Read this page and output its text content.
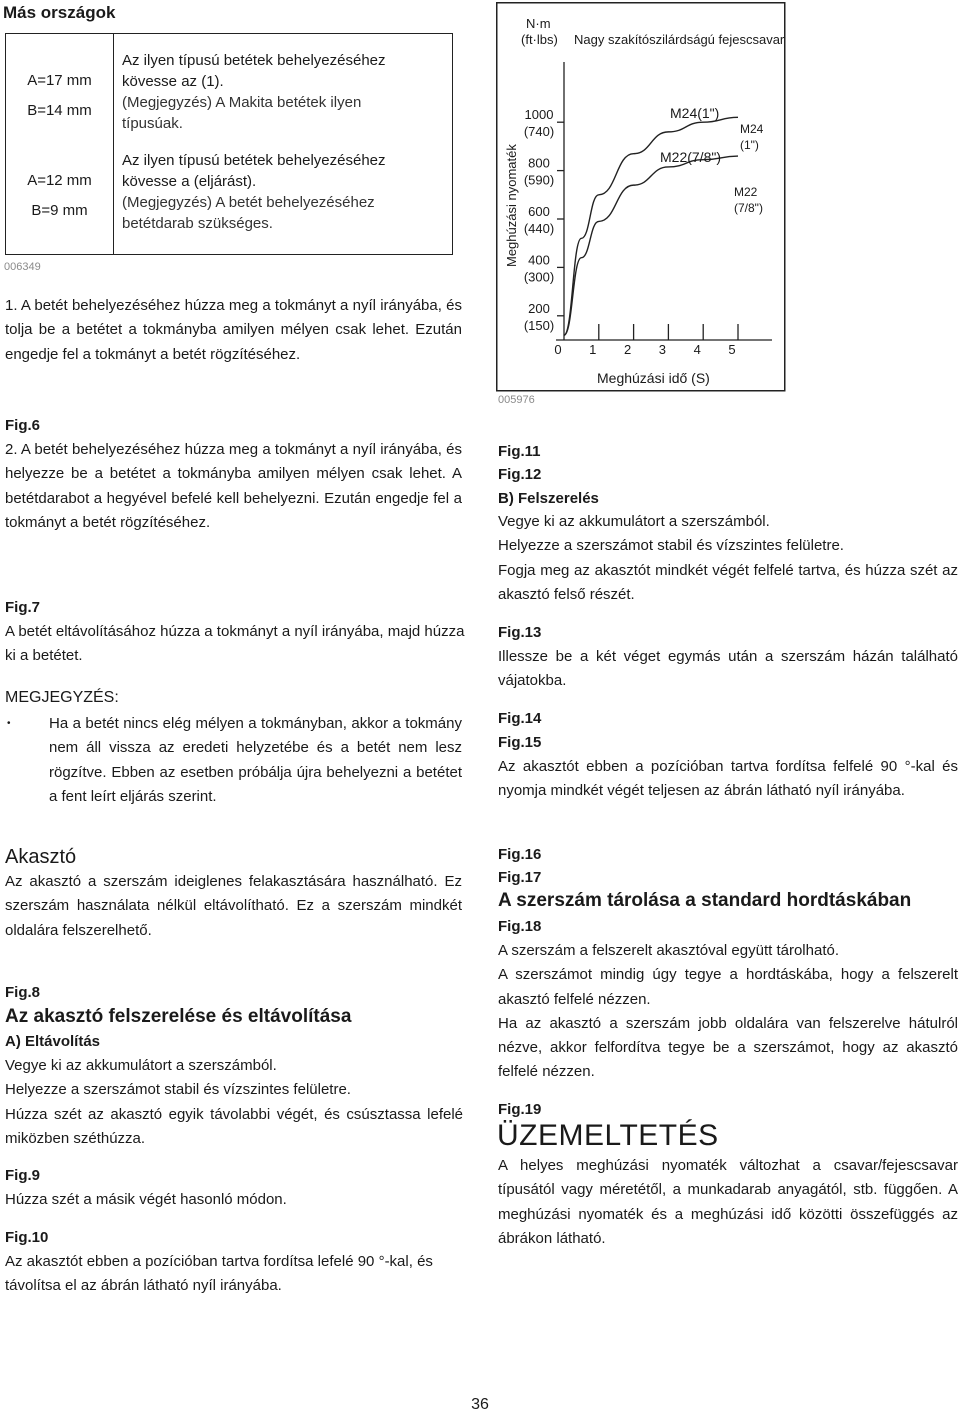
Más országok
A=17 mm
B=14 mm
Az ilyen típusú betétek behelyezéséhez
kövesse az (1).
(Megjegyzés) A Makita betétek ilyen
típusúak.
A=12 mm
B=9 mm
Az ilyen típusú betétek behelyezéséhez
kövesse a (eljárást).
(Megjegyzés) A betét behelyezéséhez
betétdarab szükséges.
006349

1. A betét behelyezéséhez húzza meg a tokmányt a nyíl irányába, és tolja be a betétet a tokmányba amilyen mélyen csak lehet. Ezután engedje fel a tokmányt a betét rögzítéséhez.

Fig.6

2. A betét behelyezéséhez húzza meg a tokmányt a nyíl irányába, és helyezze be a betétet a tokmányba amilyen mélyen csak lehet. A betétdarabot a hegyével befelé kell behelyezni. Ezután engedje fel a tokmányt a betét rögzítéséhez.

Fig.7

A betét eltávolításához húzza a tokmányt a nyíl irányába, majd húzza ki a betétet.

MEGJEGYZÉS:
•	Ha a betét nincs elég mélyen a tokmányban, akkor a tokmány nem áll vissza az eredeti helyzetébe és a betét nem lesz rögzítve. Ebben az esetben próbálja újra behelyezni a betétet a fent leírt eljárás szerint.

Akasztó

Az akasztó a szerszám ideiglenes felakasztására használható. Ez szerszám használata nélkül eltávolítható. Ez a szerszám mindkét oldalára felszerelhető.

Fig.8
Az akasztó felszerelése és eltávolítása
A) Eltávolítás

Vegye ki az akkumulátort a szerszámból.

Helyezze a szerszámot stabil és vízszintes felületre.

Húzza szét az akasztó egyik távolabbi végét, és csúsztassa lefelé miközben széthúzza.

Fig.9

Húzza szét a másik végét hasonló módon.

Fig.10

Az akasztót ebben a pozícióban tartva fordítsa lefelé 90 °-kal, és távolítsa el az ábrán látható nyíl irányába.

N·m
(ft·lbs) Nagy szakítószilárdságú fejescsavar
Meghúzási nyomaték
200
(150)
400
(300)
600
(440)
800
(590)
1000
(740)
0 1 2 3 4 5
M24(1")
M24
(1")
M22(7/8")
M22
(7/8")
Meghúzási idő (S)
005976
Fig.11
Fig.12
B) Felszerelés

Vegye ki az akkumulátort a szerszámból.

Helyezze a szerszámot stabil és vízszintes felületre.

Fogja meg az akasztót mindkét végét felfelé tartva, és húzza szét az akasztó felső részét.

Fig.13

Illessze be a két véget egymás után a szerszám házán található vájatokba.

Fig.14
Fig.15

Az akasztót ebben a pozícióban tartva fordítsa felfelé 90 °-kal és nyomja mindkét végét teljesen az ábrán látható nyíl irányába.

Fig.16
Fig.17
A szerszám tárolása a standard hordtáskában
Fig.18

A szerszám a felszerelt akasztóval együtt tárolható.

A szerszámot mindig úgy tegye a hordtáskába, hogy a felszerelt akasztó felfelé nézzen.

Ha az akasztó a szerszám jobb oldalára van felszerelve hátulról nézve, akkor felfordítva tegye be a szerszámot, hogy az akasztó felfelé nézzen.

Fig.19
ÜZEMELTETÉS

A helyes meghúzási nyomaték változhat a csavar/fejescsavar típusától vagy méretétől, a munkadarab anyagától, stb. függően. A meghúzási nyomaték és a meghúzási idő közötti összefüggés az ábrákon látható.

36
